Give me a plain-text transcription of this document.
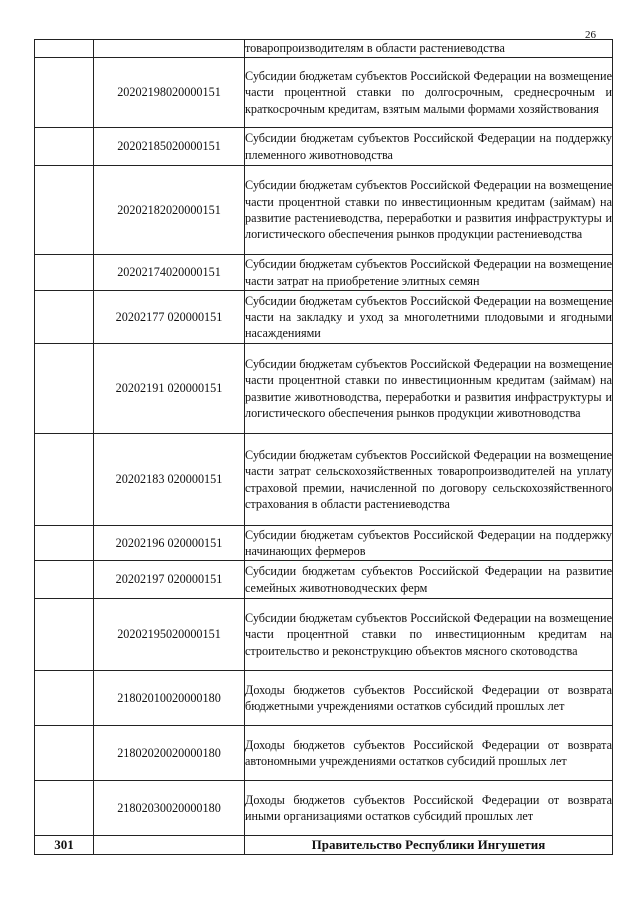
26
		товаропроизводителям в области растениеводства
	20202198020000151	Субсидии бюджетам субъектов Российской Федерации на возмещение части процентной ставки по долгосрочным, среднесрочным и краткосрочным кредитам, взятым малыми формами хозяйствования
	20202185020000151	Субсидии бюджетам субъектов Российской Федерации на поддержку племенного животноводства
	20202182020000151	Субсидии бюджетам субъектов Российской Федерации на возмещение части процентной ставки по инвестиционным кредитам (займам) на развитие растениеводства, переработки и развития инфраструктуры и логистического обеспечения рынков продукции растениеводства
	20202174020000151	Субсидии бюджетам субъектов Российской Федерации на возмещение части затрат на приобретение элитных семян
	20202177 020000151	Субсидии бюджетам субъектов Российской Федерации на возмещение части на закладку и уход за многолетними плодовыми и ягодными насаждениями
	20202191 020000151	Субсидии бюджетам субъектов Российской Федерации на возмещение части процентной ставки по инвестиционным кредитам (займам) на развитие животноводства, переработки и развития инфраструктуры и логистического обеспечения рынков продукции животноводства
	20202183 020000151	Субсидии бюджетам субъектов Российской Федерации на возмещение части затрат сельскохозяйственных товаропроизводителей на уплату страховой премии, начисленной по договору сельскохозяйственного страхования в области растениеводства
	20202196 020000151	Субсидии бюджетам субъектов Российской Федерации на поддержку начинающих фермеров
	20202197 020000151	Субсидии бюджетам субъектов Российской Федерации на развитие семейных животноводческих ферм
	20202195020000151	Субсидии бюджетам субъектов Российской Федерации на возмещение части процентной ставки по инвестиционным кредитам на строительство и реконструкцию объектов мясного скотоводства
	21802010020000180	Доходы бюджетов субъектов Российской Федерации от возврата бюджетными учреждениями остатков субсидий прошлых лет
	21802020020000180	Доходы бюджетов субъектов Российской Федерации от возврата автономными учреждениями остатков субсидий прошлых лет
	21802030020000180	Доходы бюджетов субъектов Российской Федерации от возврата иными организациями остатков субсидий прошлых лет
301		Правительство Республики Ингушетия
